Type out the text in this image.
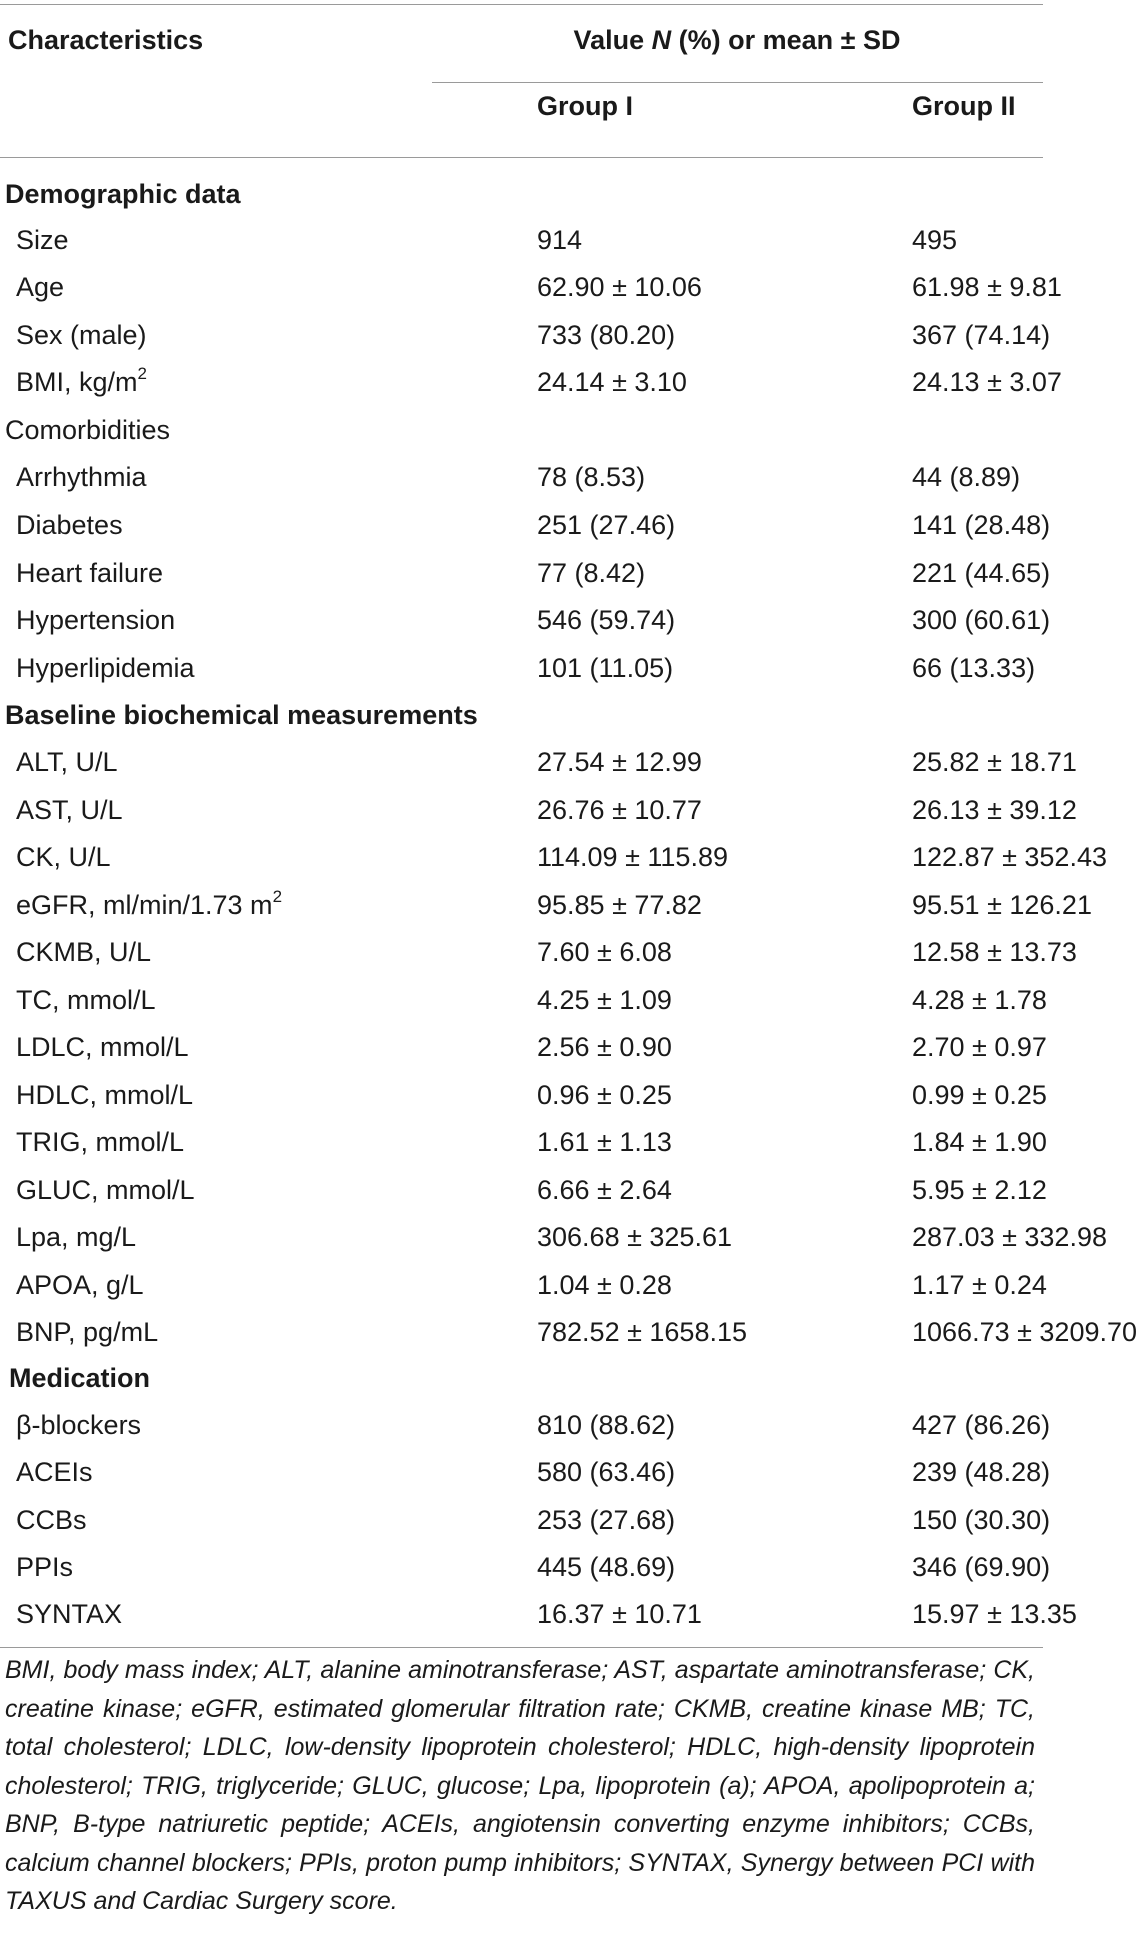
Characteristics	Value N (%) or mean ± SD
Group I	Group II
Demographic data
Size	914	495
Age	62.90 ± 10.06	61.98 ± 9.81
Sex (male)	733 (80.20)	367 (74.14)
BMI, $kg/m^2$	24.14 ± 3.10	24.13 ± 3.07
Comorbidities
Arrhythmia	78 (8.53)	44 (8.89)
Diabetes	251 (27.46)	141 (28.48)
Heart failure	77 (8.42)	221 (44.65)
Hypertension	546 (59.74)	300 (60.61)
Hyperlipidemia	101 (11.05)	66 (13.33)
Baseline biochemical measurements
ALT, U/L	27.54 ± 12.99	25.82 ± 18.71
AST, U/L	26.76 ± 10.77	26.13 ± 39.12
CK, U/L	114.09 ± 115.89	122.87 ± 352.43
eGFR, ml/min/1.73 $m^2$	95.85 ± 77.82	95.51 ± 126.21
CKMB, U/L	7.60 ± 6.08	12.58 ± 13.73
TC, mmol/L	4.25 ± 1.09	4.28 ± 1.78
LDLC, mmol/L	2.56 ± 0.90	2.70 ± 0.97
HDLC, mmol/L	0.96 ± 0.25	0.99 ± 0.25
TRIG, mmol/L	1.61 ± 1.13	1.84 ± 1.90
GLUC, mmol/L	6.66 ± 2.64	5.95 ± 2.12
Lpa, mg/L	306.68 ± 325.61	287.03 ± 332.98
APOA, g/L	1.04 ± 0.28	1.17 ± 0.24
BNP, pg/mL	782.52 ± 1658.15	1066.73 ± 3209.70
Medication
β-blockers	810 (88.62)	427 (86.26)
ACEIs	580 (63.46)	239 (48.28)
CCBs	253 (27.68)	150 (30.30)
PPIs	445 (48.69)	346 (69.90)
SYNTAX	16.37 ± 10.71	15.97 ± 13.35
BMI, body mass index; ALT, alanine aminotransferase; AST, aspartate aminotransferase; CK, creatine kinase; eGFR, estimated glomerular filtration rate; CKMB, creatine kinase MB; TC, total cholesterol; LDLC, low-density lipoprotein cholesterol; HDLC, high-density lipoprotein cholesterol; TRIG, triglyceride; GLUC, glucose; Lpa, lipoprotein (a); APOA, apolipoprotein a; BNP, B-type natriuretic peptide; ACEIs, angiotensin converting enzyme inhibitors; CCBs, calcium channel blockers; PPIs, proton pump inhibitors; SYNTAX, Synergy between PCI with TAXUS and Cardiac Surgery score.
